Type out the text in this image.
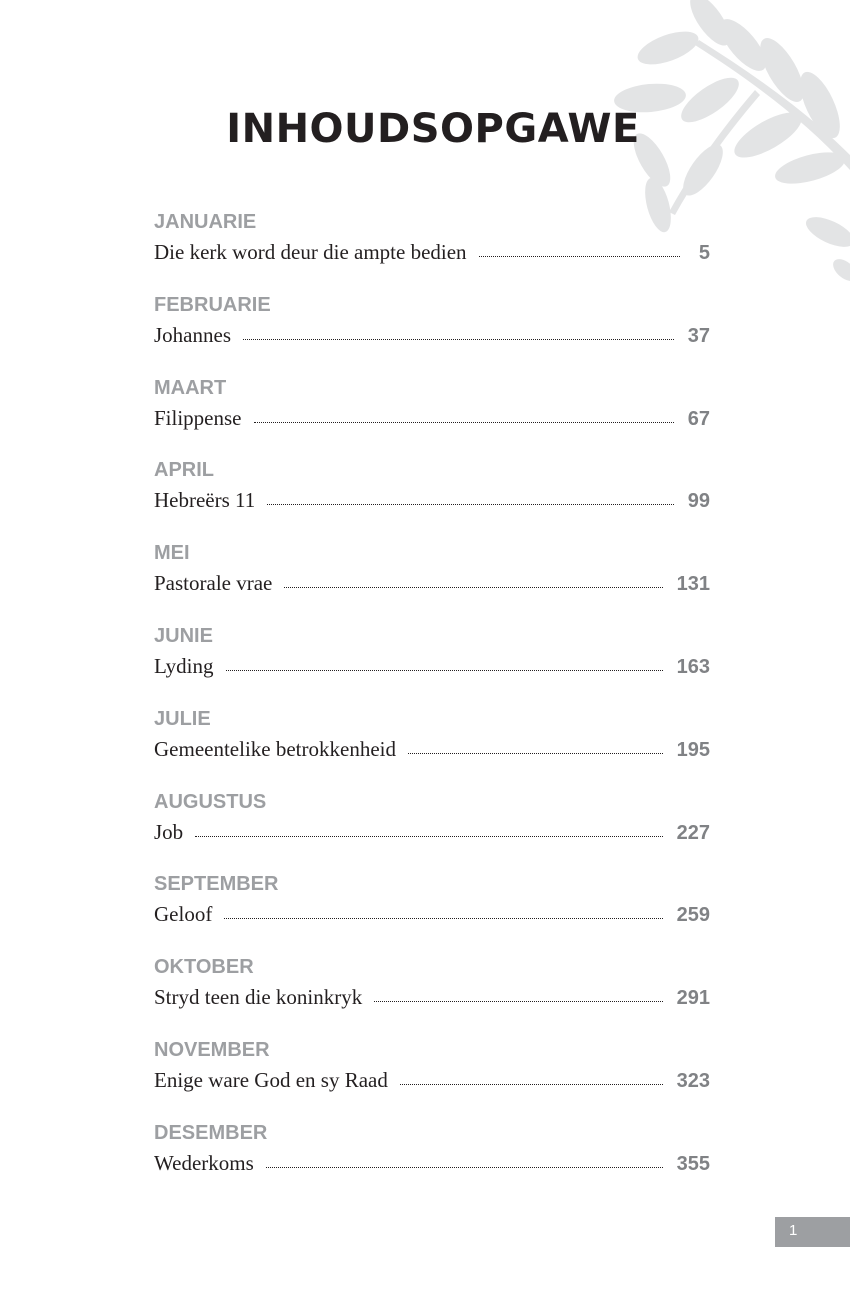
INHOUDSOPGAWE
JANUARIE
Die kerk word deur die ampte bedien	5
FEBRUARIE
Johannes	37
MAART
Filippense	67
APRIL
Hebreërs 11	99
MEI
Pastorale vrae	131
JUNIE
Lyding	163
JULIE
Gemeentelike betrokkenheid	195
AUGUSTUS
Job	227
SEPTEMBER
Geloof	259
OKTOBER
Stryd teen die koninkryk	291
NOVEMBER
Enige ware God en sy Raad	323
DESEMBER
Wederkoms	355
1
